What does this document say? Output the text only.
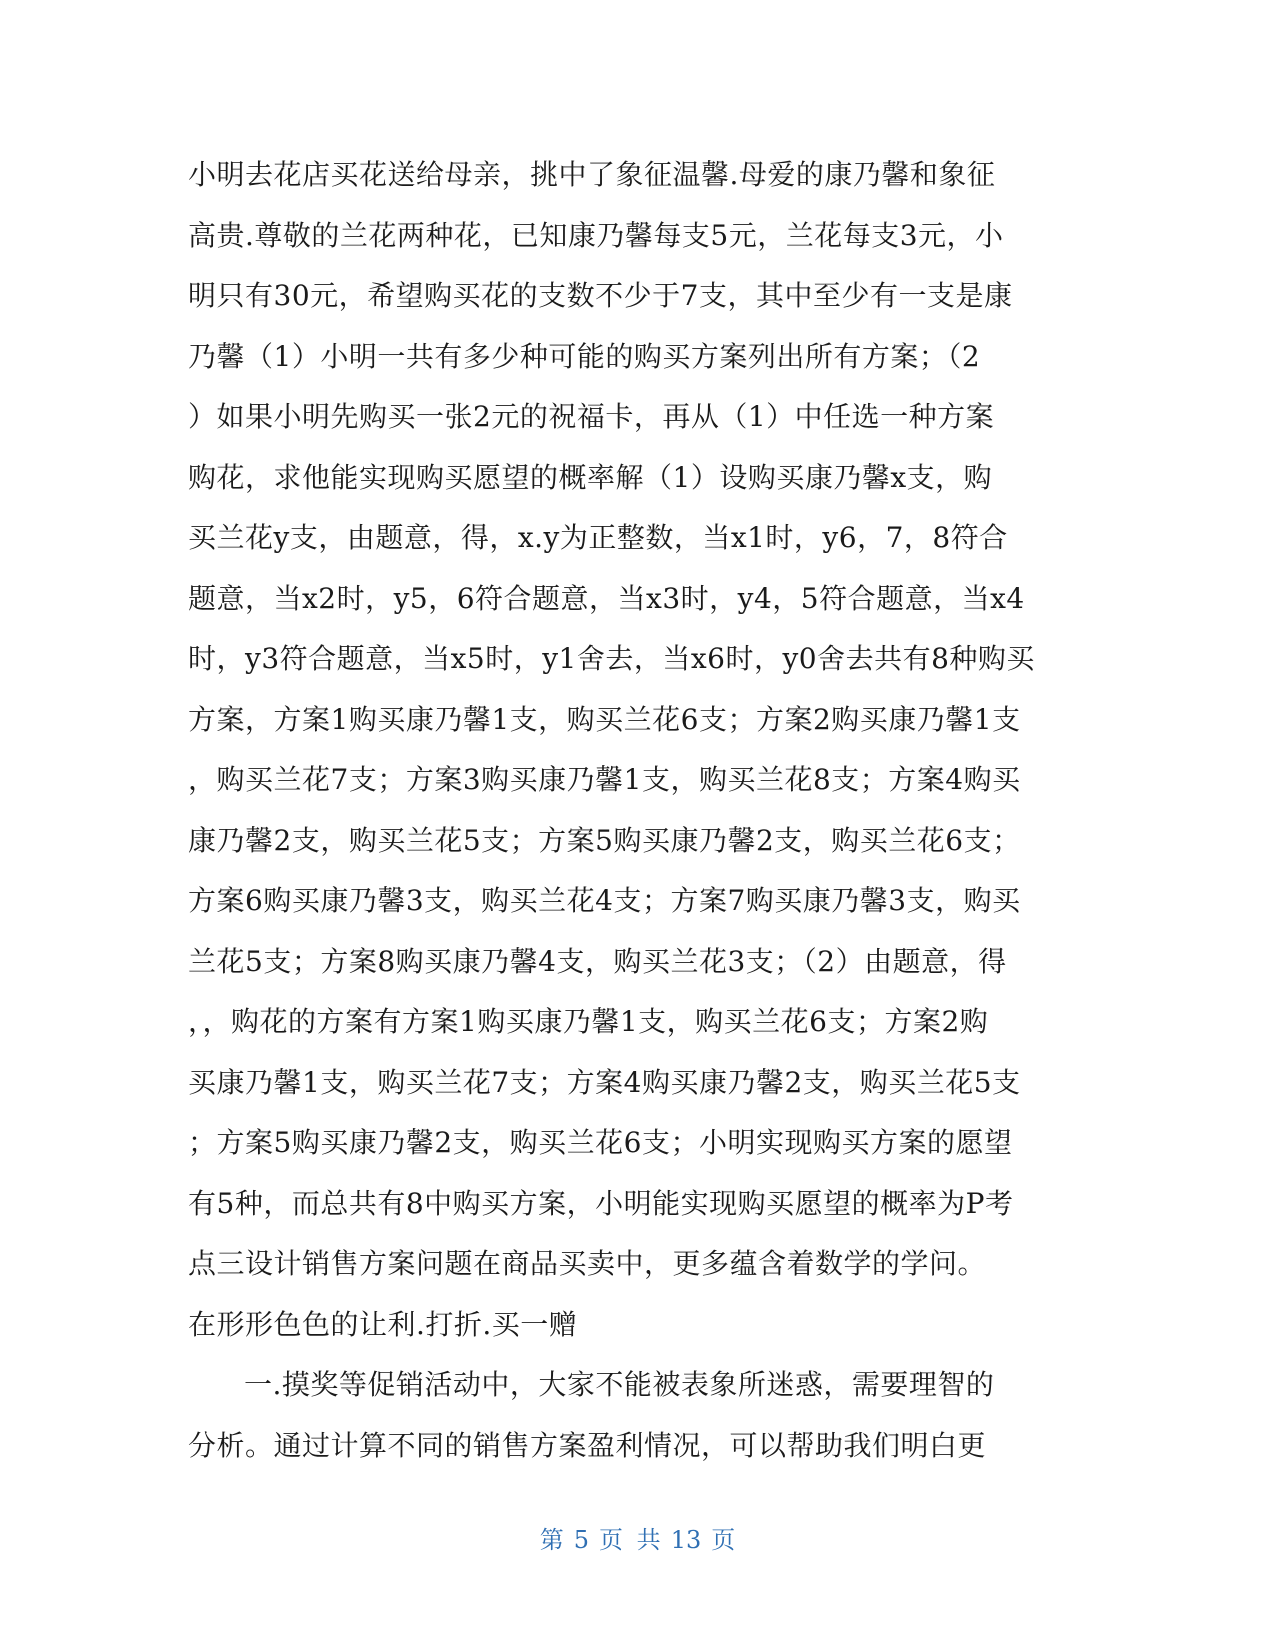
小明去花店买花送给母亲，挑中了象征温馨.母爱的康乃馨和象征
高贵.尊敬的兰花两种花，已知康乃馨每支5元，兰花每支3元，小
明只有30元，希望购买花的支数不少于7支，其中至少有一支是康
乃馨（1）小明一共有多少种可能的购买方案列出所有方案；（2
）如果小明先购买一张2元的祝福卡，再从（1）中任选一种方案
购花，求他能实现购买愿望的概率解（1）设购买康乃馨x支，购
买兰花y支，由题意，得，x.y为正整数，当x1时，y6，7，8符合
题意，当x2时，y5，6符合题意，当x3时，y4，5符合题意，当x4
时，y3符合题意，当x5时，y1舍去，当x6时，y0舍去共有8种购买
方案，方案1购买康乃馨1支，购买兰花6支；方案2购买康乃馨1支
，购买兰花7支；方案3购买康乃馨1支，购买兰花8支；方案4购买
康乃馨2支，购买兰花5支；方案5购买康乃馨2支，购买兰花6支；
方案6购买康乃馨3支，购买兰花4支；方案7购买康乃馨3支，购买
兰花5支；方案8购买康乃馨4支，购买兰花3支；（2）由题意，得
，，购花的方案有方案1购买康乃馨1支，购买兰花6支；方案2购
买康乃馨1支，购买兰花7支；方案4购买康乃馨2支，购买兰花5支
；方案5购买康乃馨2支，购买兰花6支；小明实现购买方案的愿望
有5种，而总共有8中购买方案，小明能实现购买愿望的概率为P考
点三设计销售方案问题在商品买卖中，更多蕴含着数学的学问。
在形形色色的让利.打折.买一赠
一.摸奖等促销活动中，大家不能被表象所迷惑，需要理智的
分析。通过计算不同的销售方案盈利情况，可以帮助我们明白更
第 5 页 共 13 页
